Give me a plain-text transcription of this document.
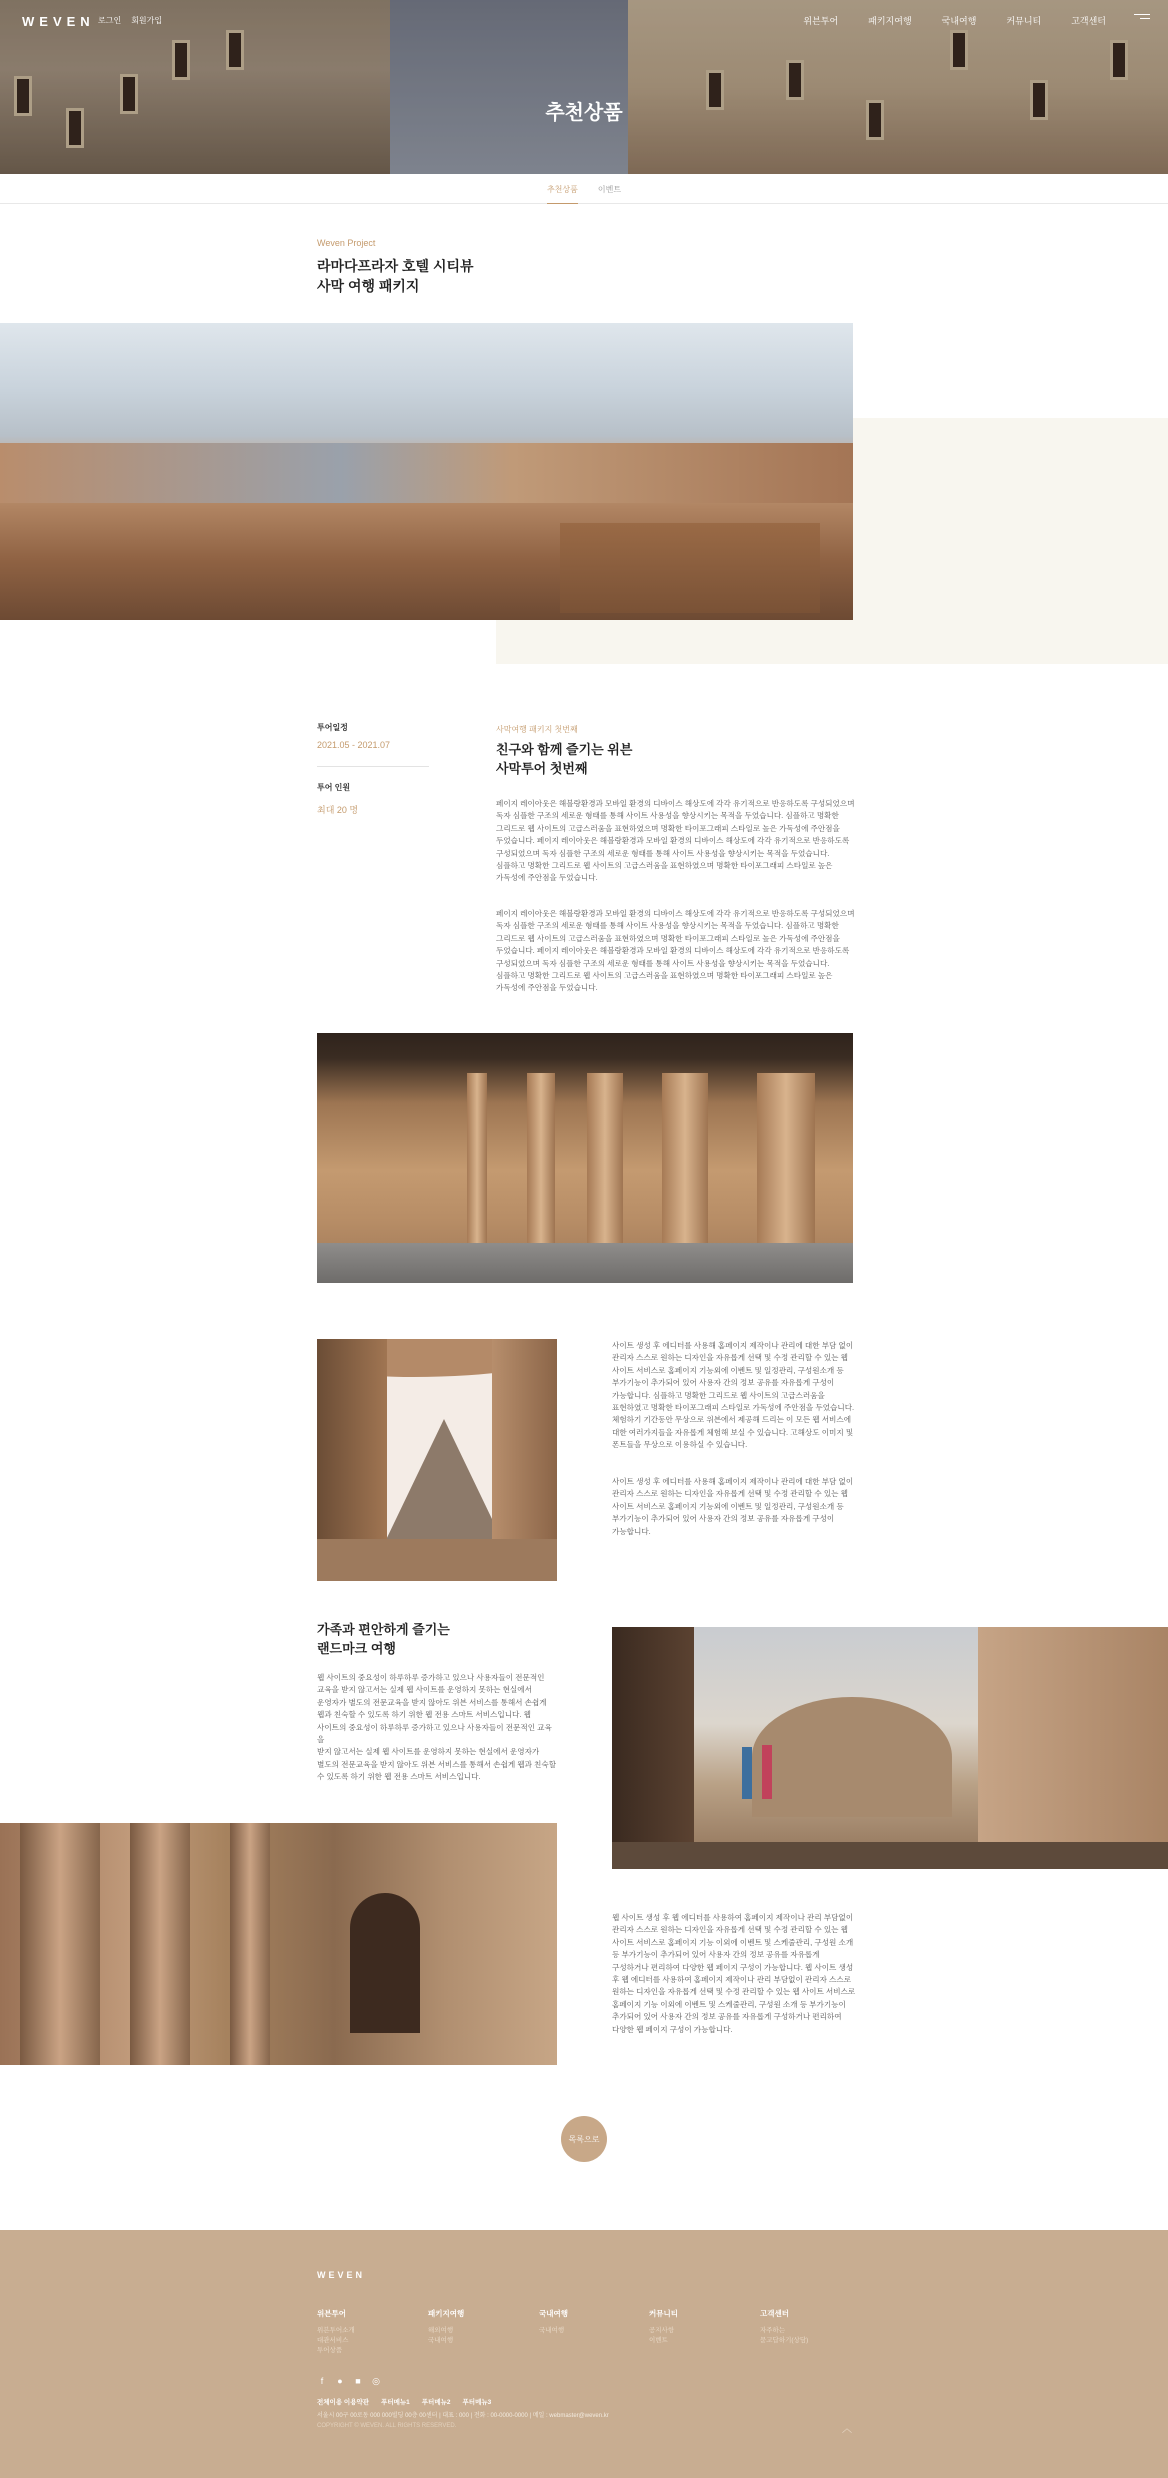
WEVEN 로그인 회원가입	위븐투어	패키지여행	국내여행	커뮤니티	고객센터
추천상품
추천상품	이벤트
Weven Project
라마다프라자 호텔 시티뷰
사막 여행 패키지
투어일정
2021.05 - 2021.07
투어 인원
최대 20 명
사막여행 패키지 첫번째
친구와 함께 즐기는 위븐
사막투어 첫번째
페이지 레이아웃은 해블랑환경과 모바일 환경의 디바이스 해상도에 각각 유기적으로 반응하도록 구성되었으며
독자 심플한 구조의 세로운 형태를 통해 사이트 사용성을 향상시키는 목적을 두었습니다. 심플하고 명확한
그리드로 웹 사이트의 고급스러움을 표현하였으며 명확한 타이포그래피 스타일로 높은 가독성에 주안점을
두었습니다. 페이지 레이아웃은 해블랑환경과 모바일 환경의 디바이스 해상도에 각각 유기적으로 반응하도록
구성되었으며 독자 심플한 구조의 세로운 형태를 통해 사이트 사용성을 향상시키는 목적을 두었습니다.
심플하고 명확한 그리드로 웹 사이트의 고급스러움을 표현하였으며 명확한 타이포그래피 스타일로 높은
가독성에 주안점을 두었습니다.
페이지 레이아웃은 해블랑환경과 모바일 환경의 디바이스 해상도에 각각 유기적으로 반응하도록 구성되었으며
독자 심플한 구조의 세로운 형태를 통해 사이트 사용성을 향상시키는 목적을 두었습니다. 심플하고 명확한
그리드로 웹 사이트의 고급스러움을 표현하였으며 명확한 타이포그래피 스타일로 높은 가독성에 주안점을
두었습니다. 페이지 레이아웃은 해블랑환경과 모바일 환경의 디바이스 해상도에 각각 유기적으로 반응하도록
구성되었으며 독자 심플한 구조의 세로운 형태를 통해 사이트 사용성을 향상시키는 목적을 두었습니다.
심플하고 명확한 그리드로 웹 사이트의 고급스러움을 표현하였으며 명확한 타이포그래피 스타일로 높은
가독성에 주안점을 두었습니다.
사이트 생성 후 에디터를 사용해 홈페이지 제작이나 관리에 대한 부담 없이
관리자 스스로 원하는 디자인을 자유롭게 선택 및 수정 관리할 수 있는 웹
사이트 서비스로 홈페이지 기능외에 이벤트 및 일정관리, 구성원소개 등
부가기능이 추가되어 있어 사용자 간의 정보 공유를 자유롭게 구성이
가능합니다. 심플하고 명확한 그리드로 웹 사이트의 고급스러움을
표현하였고 명확한 타이포그래피 스타일로 가독성에 주안점을 두었습니다.
체험하기 기간동안 무상으로 위븐에서 제공해 드리는 이 모든 웹 서비스에
대한 여러가지들을 자유롭게 체험해 보실 수 있습니다. 고해상도 이미지 및
폰트들을 무상으로 이용하실 수 있습니다.
사이트 생성 후 에디터를 사용해 홈페이지 제작이나 관리에 대한 부담 없이
관리자 스스로 원하는 디자인을 자유롭게 선택 및 수정 관리할 수 있는 웹
사이트 서비스로 홈페이지 기능외에 이벤트 및 일정관리, 구성원소개 등
부가기능이 추가되어 있어 사용자 간의 정보 공유를 자유롭게 구성이
가능합니다.
가족과 편안하게 즐기는
랜드마크 여행
웹 사이트의 중요성이 하루하루 증가하고 있으나 사용자들이 전문적인
교육을 받지 않고서는 실제 웹 사이트를 운영하지 못하는 현실에서
운영자가 별도의 전문교육을 받지 않아도 위븐 서비스를 통해서 손쉽게
웹과 친숙할 수 있도록 하기 위한 웹 전용 스마트 서비스입니다. 웹
사이트의 중요성이 하루하루 증가하고 있으나 사용자들이 전문적인 교육을
받지 않고서는 실제 웹 사이트를 운영하지 못하는 현실에서 운영자가
별도의 전문교육을 받지 않아도 위븐 서비스를 통해서 손쉽게 웹과 친숙할
수 있도록 하기 위한 웹 전용 스마트 서비스입니다.
웹 사이트 생성 후 웹 에디터를 사용하여 홈페이지 제작이나 관리 부담없이
관리자 스스로 원하는 디자인을 자유롭게 선택 및 수정 관리할 수 있는 웹
사이트 서비스로 홈페이지 기능 이외에 이벤트 및 스케줄관리, 구성원 소개
등 부가기능이 추가되어 있어 사용자 간의 정보 공유를 자유롭게
구성하거나 편리하여 다양한 웹 페이지 구성이 가능합니다. 웹 사이트 생성
후 웹 에디터를 사용하여 홈페이지 제작이나 관리 부담없이 관리자 스스로
원하는 디자인을 자유롭게 선택 및 수정 관리할 수 있는 웹 사이트 서비스로
홈페이지 기능 이외에 이벤트 및 스케줄관리, 구성원 소개 등 부가기능이
추가되어 있어 사용자 간의 정보 공유를 자유롭게 구성하거나 편리하여
다양한 웹 페이지 구성이 가능합니다.
목록으로
WEVEN
위븐투어
위븐투어소개
대관서비스
투어상품
패키지여행
해외여행
국내여행
국내여행
국내여행
커뮤니티
공지사항
이벤트
고객센터
자주하는
묻고답하기(상담)
f	● ■ ◎
전체이용 이용약관 푸터메뉴1 푸터메뉴2 푸터메뉴3
서울시 00구 00로동 000 000빌딩 00층 00센터 | 대표 : 000 | 전화 : 00-0000-0000 | 메일 : webmaster@weven.kr
COPYRIGHT © WEVEN. ALL RIGHTS RESERVED.	︿
